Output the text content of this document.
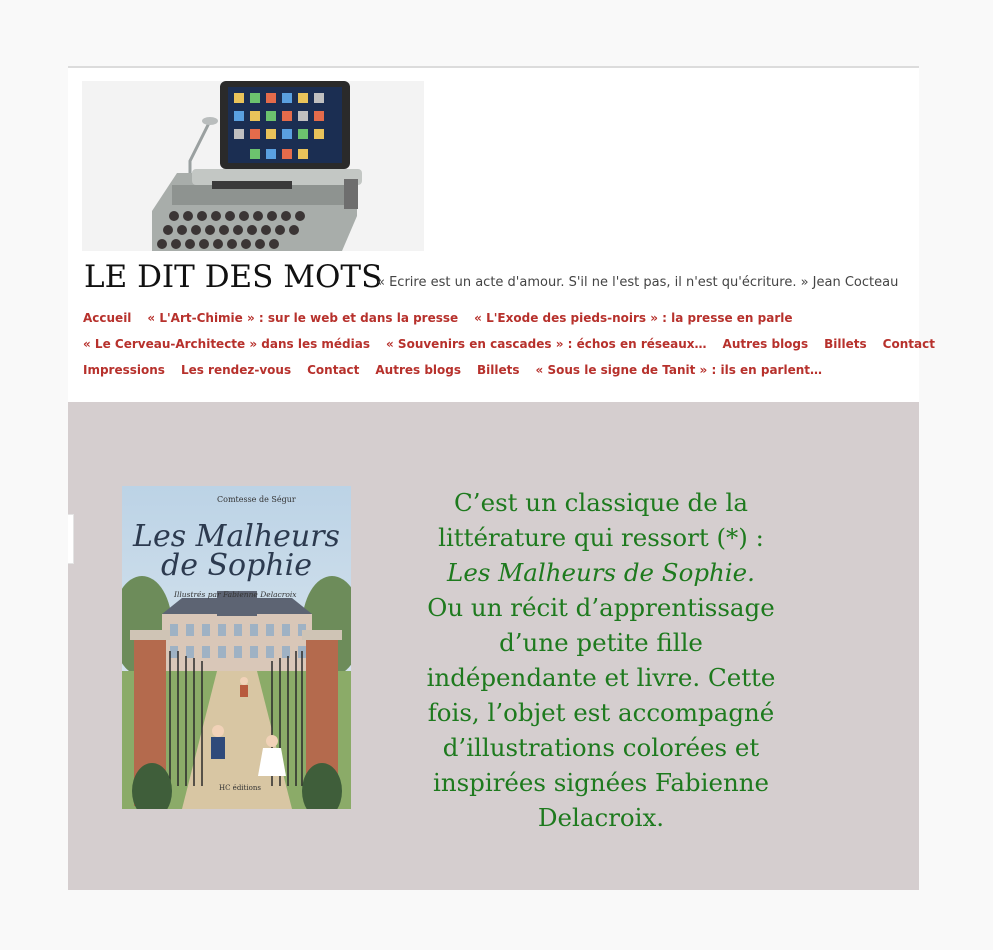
LE DIT DES MOTS
« Ecrire est un acte d'amour. S'il ne l'est pas, il n'est qu'écriture. » Jean Cocteau
Accueil « L'Art-Chimie » : sur le web et dans la presse « L'Exode des pieds-noirs » : la presse en parle
« Le Cerveau-Architecte » dans les médias « Souvenirs en cascades » : échos en réseaux… Autres blogs Billets Contact
Impressions Les rendez-vous Contact Autres blogs Billets « Sous le signe de Tanit » : ils en parlent…
Comtesse de Ségur
Les Malheurs
de Sophie
Illustrés par Fabienne Delacroix
HC éditions
C’est un classique de la littérature qui ressort (*) :
Les Malheurs de Sophie.
Ou un récit d’apprentissage d’une petite fille indépendante et livre. Cette fois, l’objet est accompagné d’illustrations colorées et inspirées signées Fabienne Delacroix.
